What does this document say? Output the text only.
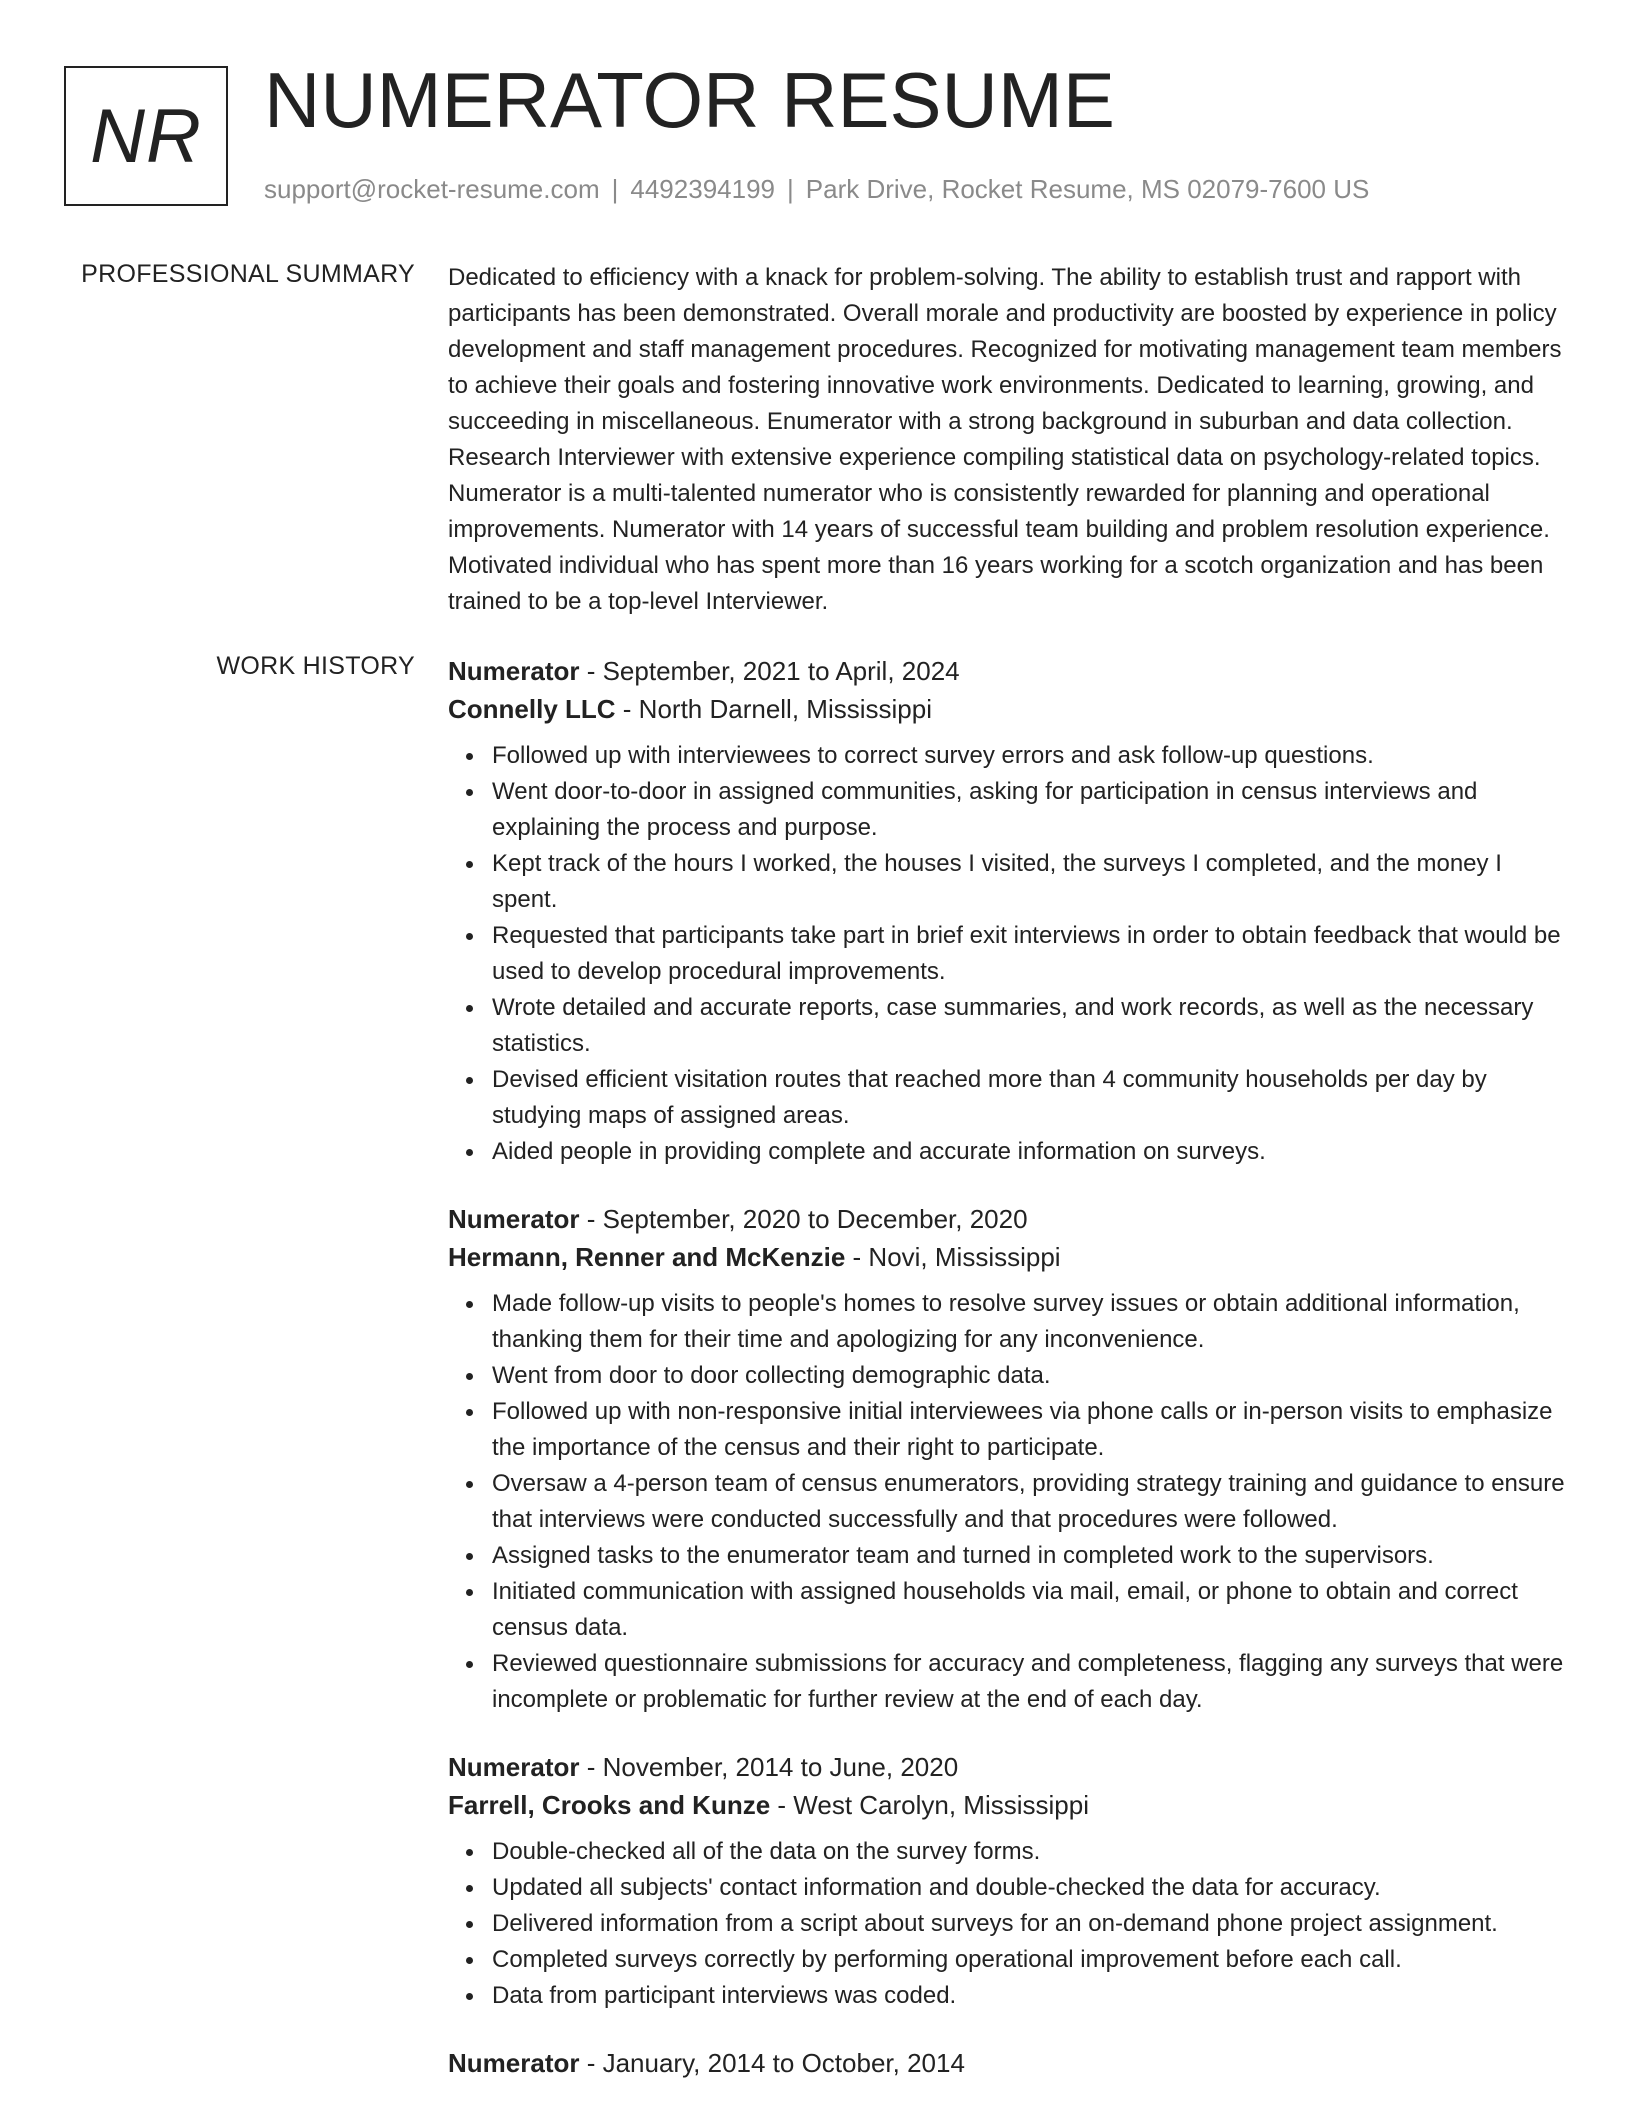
NR NUMERATOR RESUME
support@rocket-resume.com | 4492394199 | Park Drive, Rocket Resume, MS 02079-7600 US
PROFESSIONAL SUMMARY Dedicated to efficiency with a knack for problem-solving. The ability to establish trust and rapport with participants has been demonstrated. Overall morale and productivity are boosted by experience in policy development and staff management procedures. Recognized for motivating management team members to achieve their goals and fostering innovative work environments. Dedicated to learning, growing, and succeeding in miscellaneous. Enumerator with a strong background in suburban and data collection. Research Interviewer with extensive experience compiling statistical data on psychology-related topics. Numerator is a multi-talented numerator who is consistently rewarded for planning and operational improvements. Numerator with 14 years of successful team building and problem resolution experience. Motivated individual who has spent more than 16 years working for a scotch organization and has been trained to be a top-level Interviewer.

WORK HISTORY Numerator - September, 2021 to April, 2024
Connelly LLC - North Darnell, Mississippi
Followed up with interviewees to correct survey errors and ask follow-up questions.
Went door-to-door in assigned communities, asking for participation in census interviews and explaining the process and purpose.
Kept track of the hours I worked, the houses I visited, the surveys I completed, and the money I spent.
Requested that participants take part in brief exit interviews in order to obtain feedback that would be used to develop procedural improvements.
Wrote detailed and accurate reports, case summaries, and work records, as well as the necessary statistics.
Devised efficient visitation routes that reached more than 4 community households per day by studying maps of assigned areas.
Aided people in providing complete and accurate information on surveys.
Numerator - September, 2020 to December, 2020
Hermann, Renner and McKenzie - Novi, Mississippi
Made follow-up visits to people's homes to resolve survey issues or obtain additional information, thanking them for their time and apologizing for any inconvenience.
Went from door to door collecting demographic data.
Followed up with non-responsive initial interviewees via phone calls or in-person visits to emphasize the importance of the census and their right to participate.
Oversaw a 4-person team of census enumerators, providing strategy training and guidance to ensure that interviews were conducted successfully and that procedures were followed.
Assigned tasks to the enumerator team and turned in completed work to the supervisors.
Initiated communication with assigned households via mail, email, or phone to obtain and correct census data.
Reviewed questionnaire submissions for accuracy and completeness, flagging any surveys that were incomplete or problematic for further review at the end of each day.
Numerator - November, 2014 to June, 2020
Farrell, Crooks and Kunze - West Carolyn, Mississippi
Double-checked all of the data on the survey forms.
Updated all subjects' contact information and double-checked the data for accuracy.
Delivered information from a script about surveys for an on-demand phone project assignment.
Completed surveys correctly by performing operational improvement before each call.
Data from participant interviews was coded.
Numerator - January, 2014 to October, 2014
